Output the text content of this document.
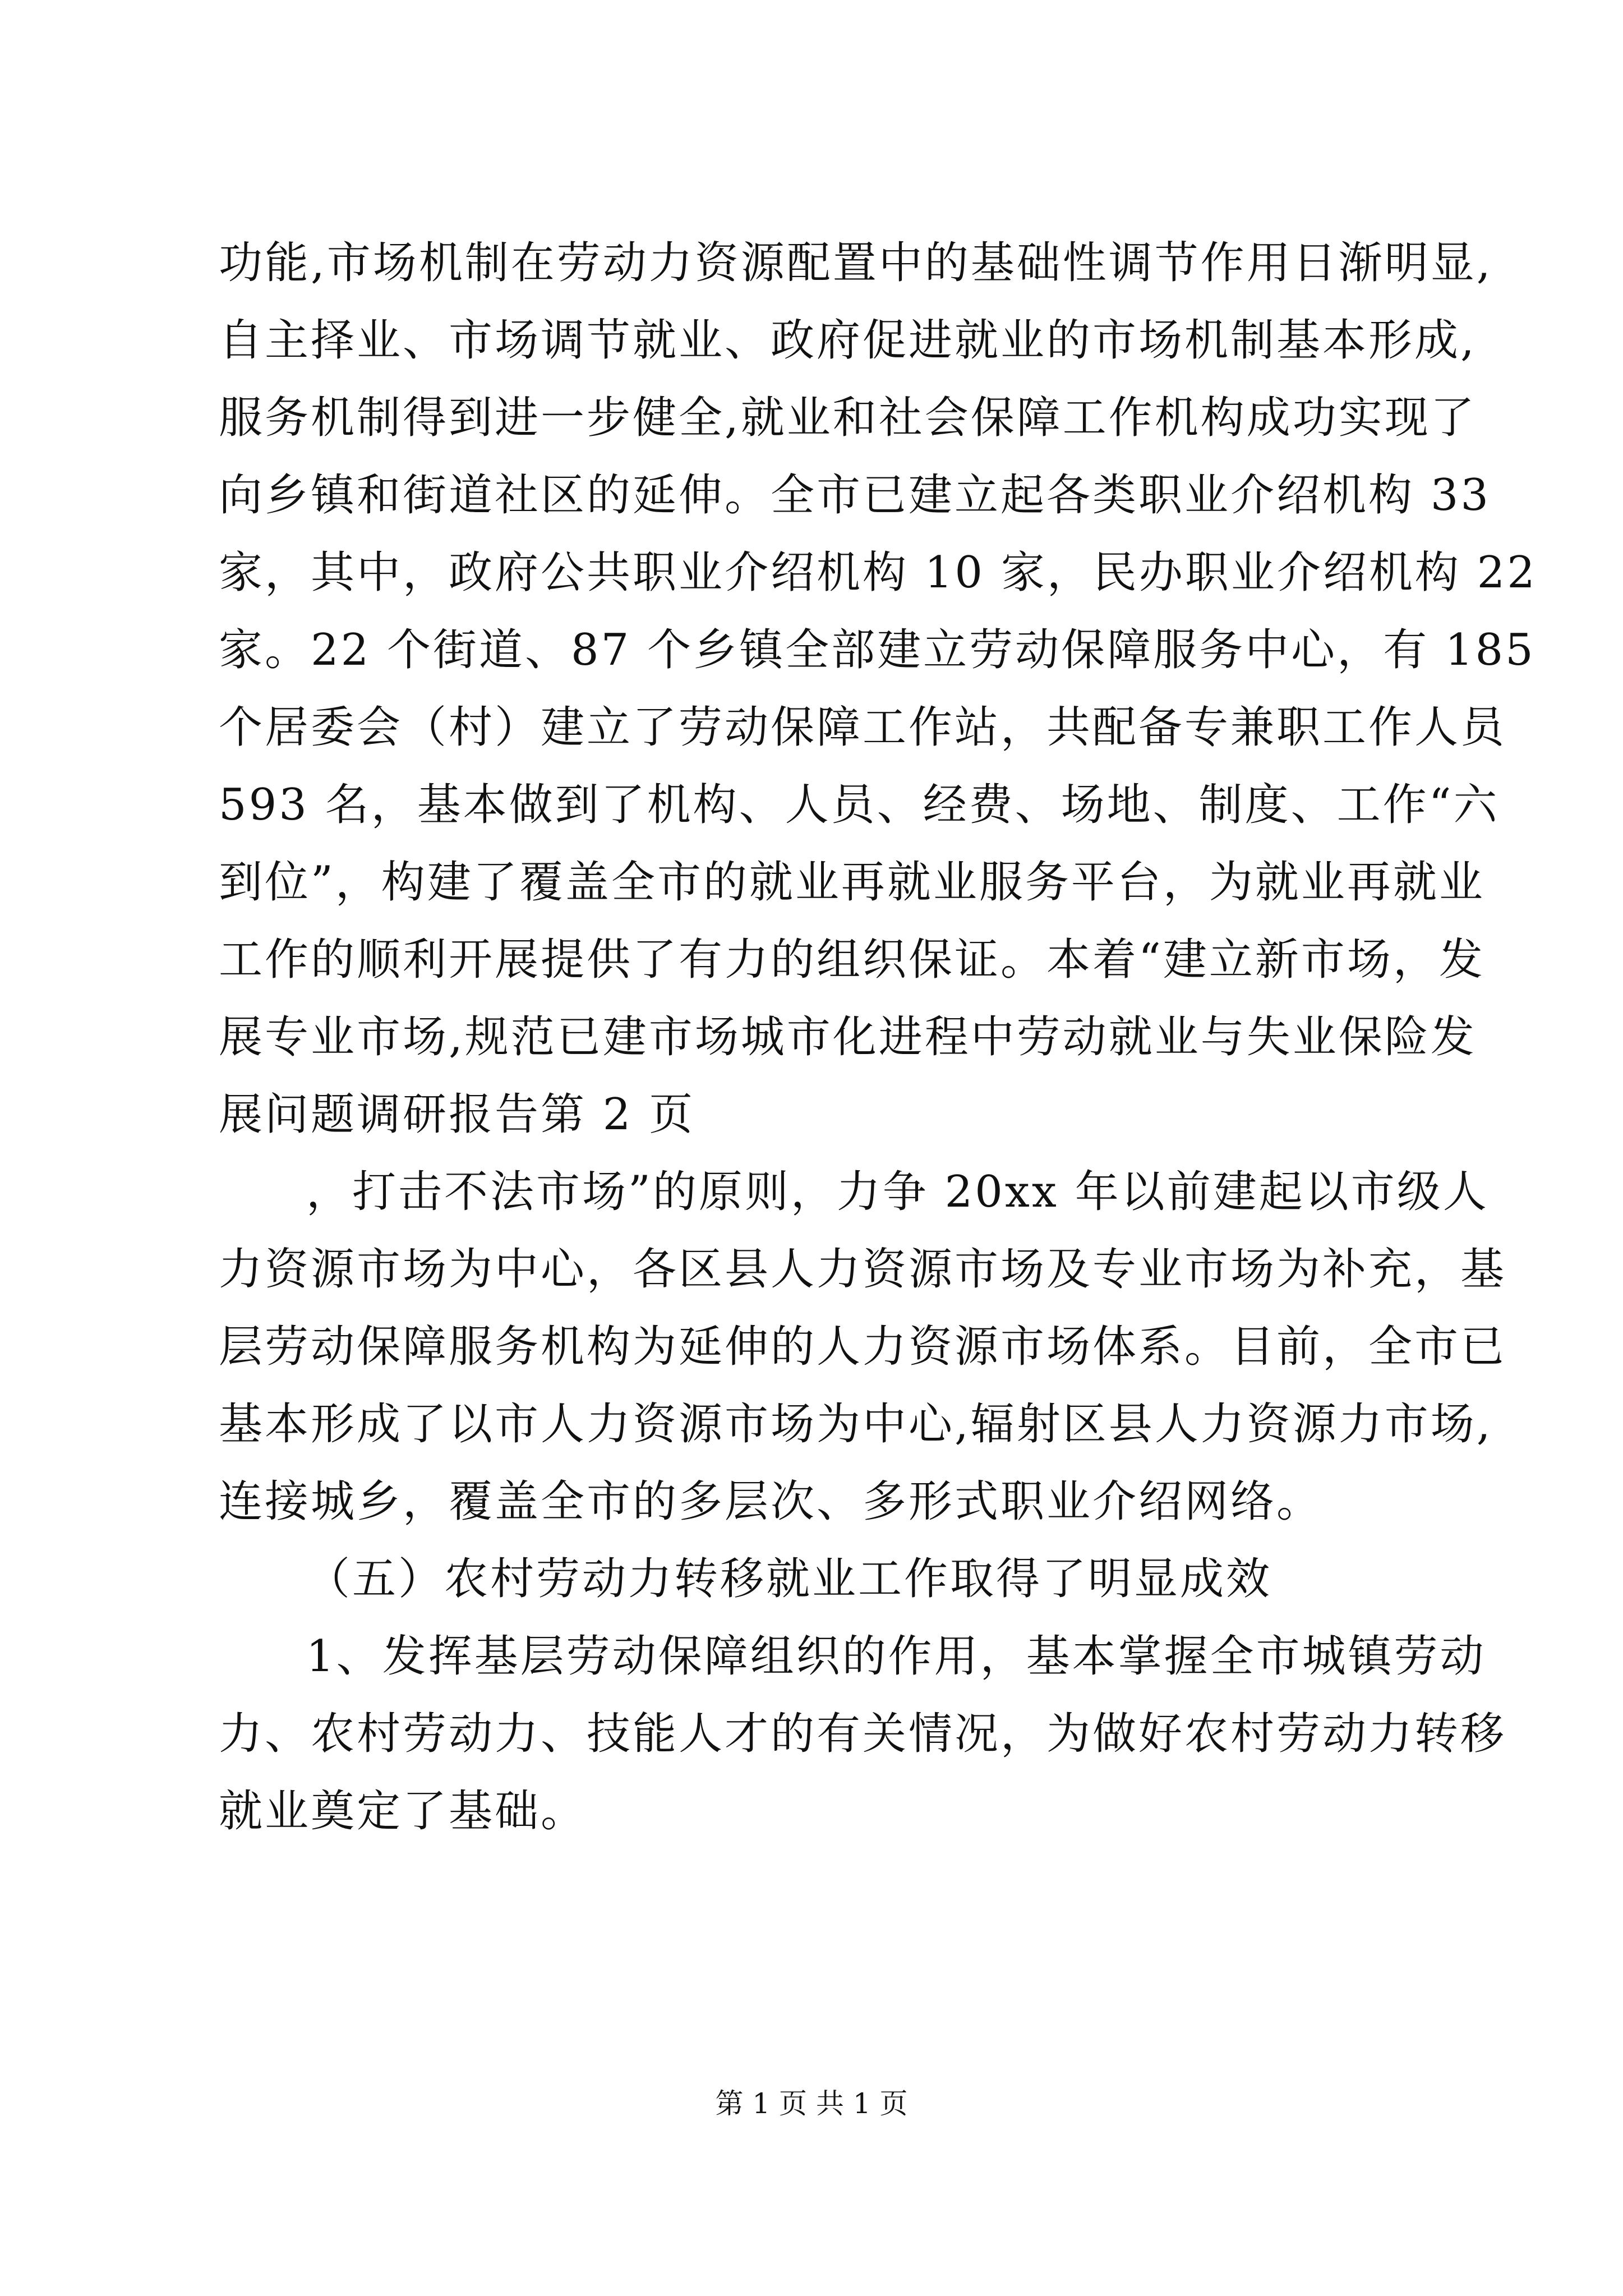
功能,市场机制在劳动力资源配置中的基础性调节作用日渐明显,
自主择业、市场调节就业、政府促进就业的市场机制基本形成,
服务机制得到进一步健全,就业和社会保障工作机构成功实现了
向乡镇和街道社区的延伸。全市已建立起各类职业介绍机构 33
家，其中，政府公共职业介绍机构 10 家，民办职业介绍机构 22
家。22 个街道、87 个乡镇全部建立劳动保障服务中心，有 185
个居委会（村）建立了劳动保障工作站，共配备专兼职工作人员
593 名，基本做到了机构、人员、经费、场地、制度、工作“六
到位”，构建了覆盖全市的就业再就业服务平台，为就业再就业
工作的顺利开展提供了有力的组织保证。本着“建立新市场，发
展专业市场,规范已建市场城市化进程中劳动就业与失业保险发
展问题调研报告第 2 页
，打击不法市场”的原则，力争 20xx 年以前建起以市级人
力资源市场为中心，各区县人力资源市场及专业市场为补充，基
层劳动保障服务机构为延伸的人力资源市场体系。目前，全市已
基本形成了以市人力资源市场为中心,辐射区县人力资源力市场,
连接城乡，覆盖全市的多层次、多形式职业介绍网络。
（五）农村劳动力转移就业工作取得了明显成效
1、发挥基层劳动保障组织的作用，基本掌握全市城镇劳动
力、农村劳动力、技能人才的有关情况，为做好农村劳动力转移
就业奠定了基础。
第 1 页 共 1 页
